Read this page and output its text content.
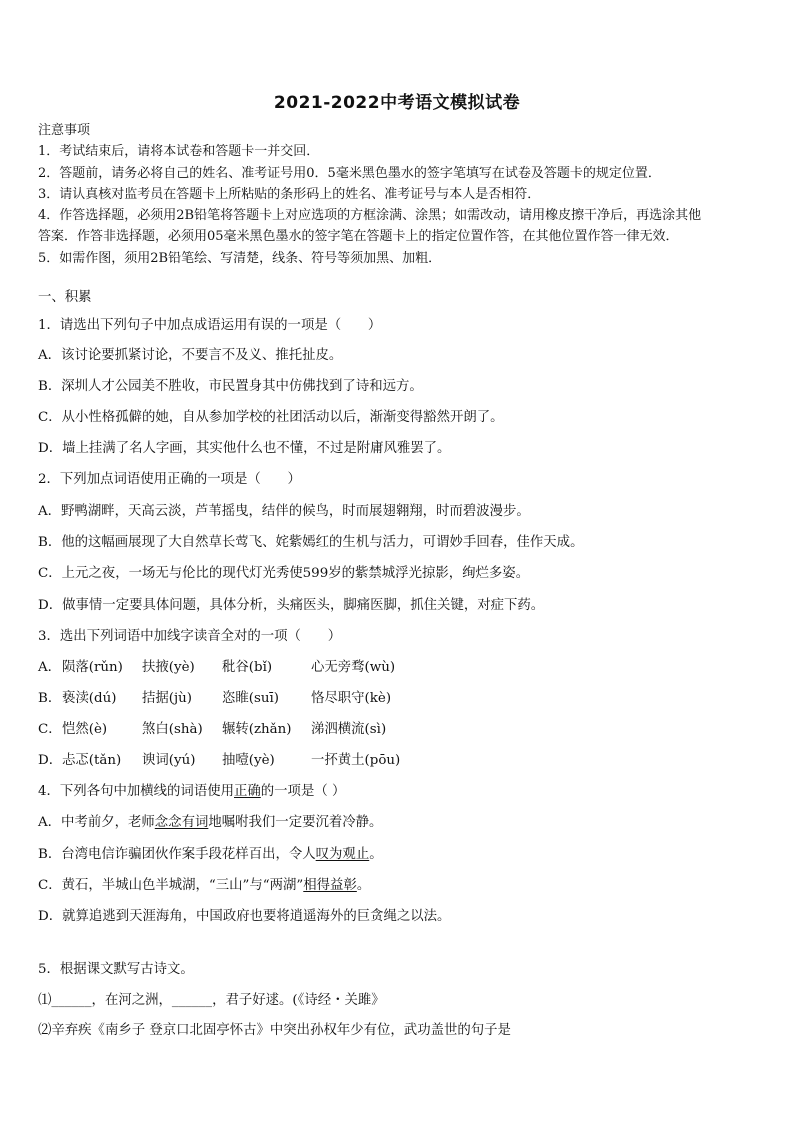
2021-2022中考语文模拟试卷

注意事项

1．考试结束后，请将本试卷和答题卡一并交回．

2．答题前，请务必将自己的姓名、准考证号用0．5毫米黑色墨水的签字笔填写在试卷及答题卡的规定位置．

3．请认真核对监考员在答题卡上所粘贴的条形码上的姓名、准考证号与本人是否相符．

4．作答选择题，必须用2B铅笔将答题卡上对应选项的方框涂满、涂黑；如需改动，请用橡皮擦干净后，再选涂其他

答案．作答非选择题，必须用05毫米黑色墨水的签字笔在答题卡上的指定位置作答，在其他位置作答一律无效．

5．如需作图，须用2B铅笔绘、写清楚，线条、符号等须加黑、加粗．

一、积累
1．请选出下列句子中加点成语运用有误的一项是（　　）
A．该讨论要抓紧讨论，不要言不及义、推托扯皮。
B．深圳人才公园美不胜收，市民置身其中仿佛找到了诗和远方。
C．从小性格孤僻的她，自从参加学校的社团活动以后，渐渐变得豁然开朗了。
D．墙上挂满了名人字画，其实他什么也不懂，不过是附庸风雅罢了。
2．下列加点词语使用正确的一项是（　　）
A．野鸭湖畔，天高云淡，芦苇摇曳，结伴的候鸟，时而展翅翱翔，时而碧波漫步。
B．他的这幅画展现了大自然草长莺飞、姹紫嫣红的生机与活力，可谓妙手回春，佳作天成。
C．上元之夜，一场无与伦比的现代灯光秀使599岁的紫禁城浮光掠影，绚烂多姿。
D．做事情一定要具体问题，具体分析，头痛医头，脚痛医脚，抓住关键，对症下药。
3．选出下列词语中加线字读音全对的一项（　　）
A． 陨落(rǔn) 扶掖(yè) 秕谷(bǐ)	心无旁骛(wù)
B． 亵渎(dú) 拮据(jù) 恣睢(suī) 恪尽职守(kè)
C． 恺然(è)	煞白(shà) 辗转(zhǎn) 涕泗横流(sì)
D． 忐忑(tǎn) 谀词(yú) 抽噎(yè)	一抔黄土(pōu)
4．下列各句中加横线的词语使用正确的一项是（ ）
A．中考前夕，老师念念有词地嘱咐我们一定要沉着冷静。
B．台湾电信诈骗团伙作案手段花样百出，令人叹为观止。
C．黄石，半城山色半城湖，“三山”与“两湖”相得益彰。
D．就算追逃到天涯海角，中国政府也要将逍遥海外的巨贪绳之以法。
5．根据课文默写古诗文。
⑴______，在河之洲，______，君子好逑。(《诗经・关雎》
⑵辛弃疾《南乡子 登京口北固亭怀古》中突出孙权年少有位，武功盖世的句子是
